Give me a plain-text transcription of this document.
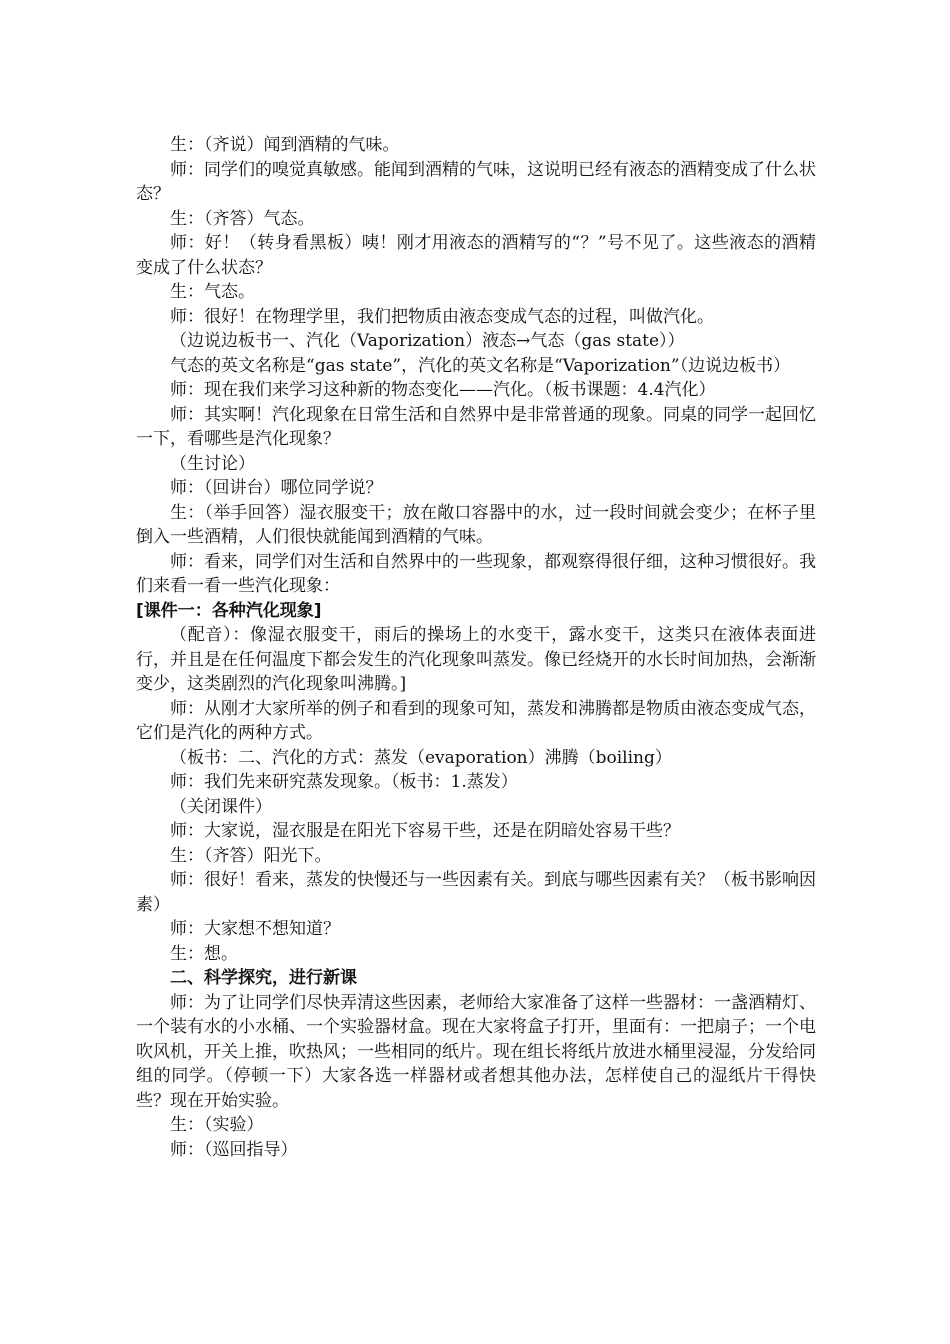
生：（齐说）闻到酒精的气味。

师：同学们的嗅觉真敏感。能闻到酒精的气味，这说明已经有液态的酒精变成了什么状态？

生：（齐答）气态。

师：好！（转身看黑板）咦！刚才用液态的酒精写的“？”号不见了。这些液态的酒精变成了什么状态？

生：气态。

师：很好！在物理学里，我们把物质由液态变成气态的过程，叫做汽化。

（边说边板书一、汽化（Vaporization）液态→气态（gas state））

气态的英文名称是“gas state”，汽化的英文名称是“Vaporization”（边说边板书）

师：现在我们来学习这种新的物态变化——汽化。（板书课题：4.4汽化）

师：其实啊！汽化现象在日常生活和自然界中是非常普通的现象。同桌的同学一起回忆一下，看哪些是汽化现象？

（生讨论）

师：（回讲台）哪位同学说？

生：（举手回答）湿衣服变干；放在敞口容器中的水，过一段时间就会变少；在杯子里倒入一些酒精，人们很快就能闻到酒精的气味。

师：看来，同学们对生活和自然界中的一些现象，都观察得很仔细，这种习惯很好。我们来看一看一些汽化现象：

[课件一：各种汽化现象]

（配音）：像湿衣服变干，雨后的操场上的水变干，露水变干，这类只在液体表面进行，并且是在任何温度下都会发生的汽化现象叫蒸发。像已经烧开的水长时间加热，会渐渐变少，这类剧烈的汽化现象叫沸腾。]

师：从刚才大家所举的例子和看到的现象可知，蒸发和沸腾都是物质由液态变成气态，它们是汽化的两种方式。

（板书：二、汽化的方式：蒸发（evaporation）沸腾（boiling）

师：我们先来研究蒸发现象。（板书：1.蒸发）

（关闭课件）

师：大家说，湿衣服是在阳光下容易干些，还是在阴暗处容易干些？

生：（齐答）阳光下。

师：很好！看来，蒸发的快慢还与一些因素有关。到底与哪些因素有关？（板书影响因素）

师：大家想不想知道？

生：想。

二、科学探究，进行新课

师：为了让同学们尽快弄清这些因素，老师给大家准备了这样一些器材：一盏酒精灯、一个装有水的小水桶、一个实验器材盒。现在大家将盒子打开，里面有：一把扇子；一个电吹风机，开关上推，吹热风；一些相同的纸片。现在组长将纸片放进水桶里浸湿，分发给同组的同学。（停顿一下）大家各选一样器材或者想其他办法，怎样使自己的湿纸片干得快些？现在开始实验。

生：（实验）

师：（巡回指导）
